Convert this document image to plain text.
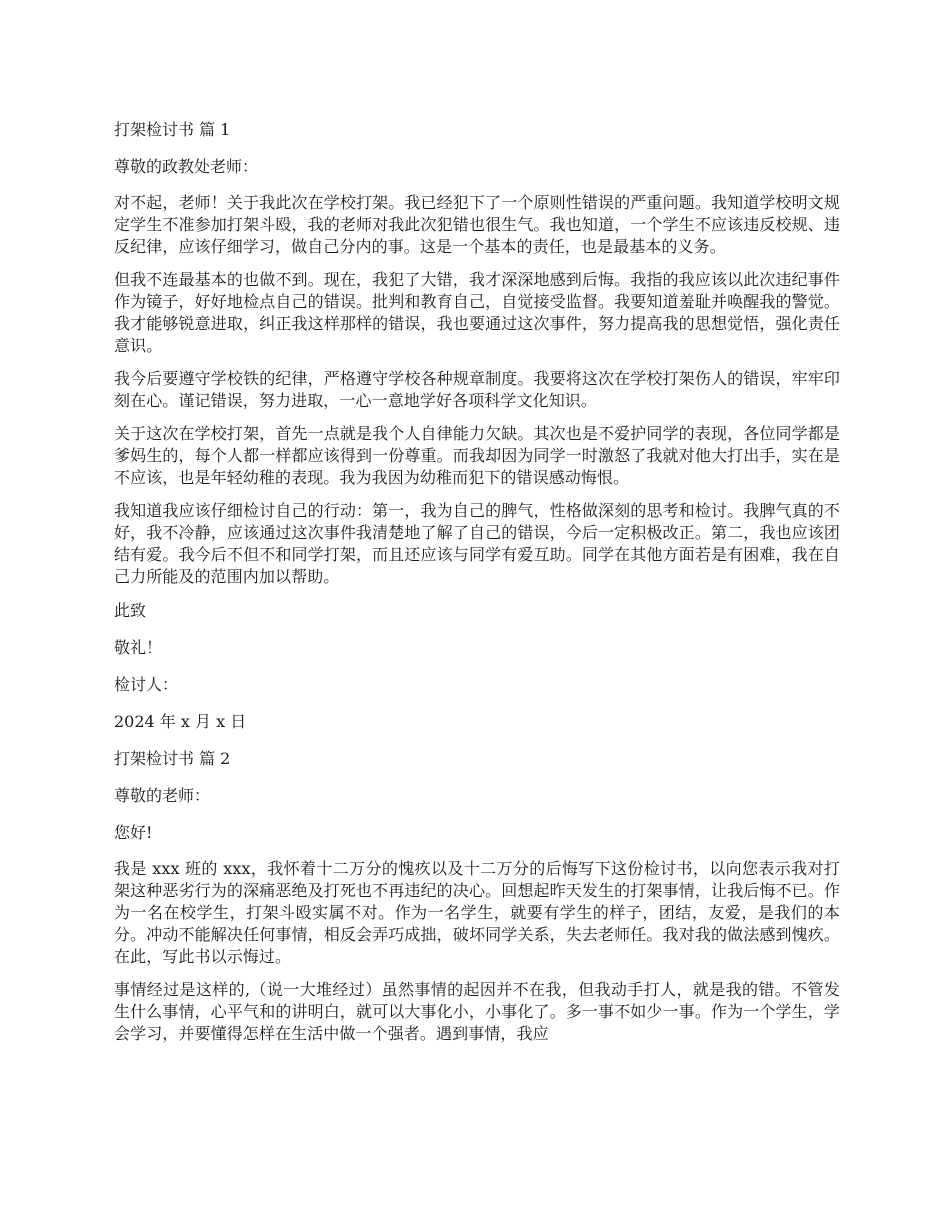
打架检讨书 篇 1

尊敬的政教处老师：

对不起，老师！关于我此次在学校打架。我已经犯下了一个原则性错误的严重问题。我知道学校明文规定学生不准参加打架斗殴，我的老师对我此次犯错也很生气。我也知道，一个学生不应该违反校规、违反纪律，应该仔细学习，做自己分内的事。这是一个基本的责任，也是最基本的义务。

但我不连最基本的也做不到。现在，我犯了大错，我才深深地感到后悔。我指的我应该以此次违纪事件作为镜子，好好地检点自己的错误。批判和教育自己，自觉接受监督。我要知道羞耻并唤醒我的警觉。我才能够锐意进取，纠正我这样那样的错误，我也要通过这次事件，努力提高我的思想觉悟，强化责任意识。

我今后要遵守学校铁的纪律，严格遵守学校各种规章制度。我要将这次在学校打架伤人的错误，牢牢印刻在心。谨记错误，努力进取，一心一意地学好各项科学文化知识。

关于这次在学校打架，首先一点就是我个人自律能力欠缺。其次也是不爱护同学的表现，各位同学都是爹妈生的，每个人都一样都应该得到一份尊重。而我却因为同学一时激怒了我就对他大打出手，实在是不应该，也是年轻幼稚的表现。我为我因为幼稚而犯下的错误感动悔恨。

我知道我应该仔细检讨自己的行动：第一，我为自己的脾气，性格做深刻的思考和检讨。我脾气真的不好，我不冷静，应该通过这次事件我清楚地了解了自己的错误，今后一定积极改正。第二，我也应该团结有爱。我今后不但不和同学打架，而且还应该与同学有爱互助。同学在其他方面若是有困难，我在自己力所能及的范围内加以帮助。

此致

敬礼！

检讨人：

2024 年 x 月 x 日

打架检讨书 篇 2

尊敬的老师：

您好!

我是 xxx 班的 xxx，我怀着十二万分的愧疚以及十二万分的后悔写下这份检讨书，以向您表示我对打架这种恶劣行为的深痛恶绝及打死也不再违纪的决心。回想起昨天发生的打架事情，让我后悔不已。作为一名在校学生，打架斗殴实属不对。作为一名学生，就要有学生的样子，团结，友爱，是我们的本分。冲动不能解决任何事情，相反会弄巧成拙，破坏同学关系，失去老师任。我对我的做法感到愧疚。在此，写此书以示悔过。

事情经过是这样的,（说一大堆经过）虽然事情的起因并不在我，但我动手打人，就是我的错。不管发生什么事情，心平气和的讲明白，就可以大事化小，小事化了。多一事不如少一事。作为一个学生，学会学习，并要懂得怎样在生活中做一个强者。遇到事情，我应
